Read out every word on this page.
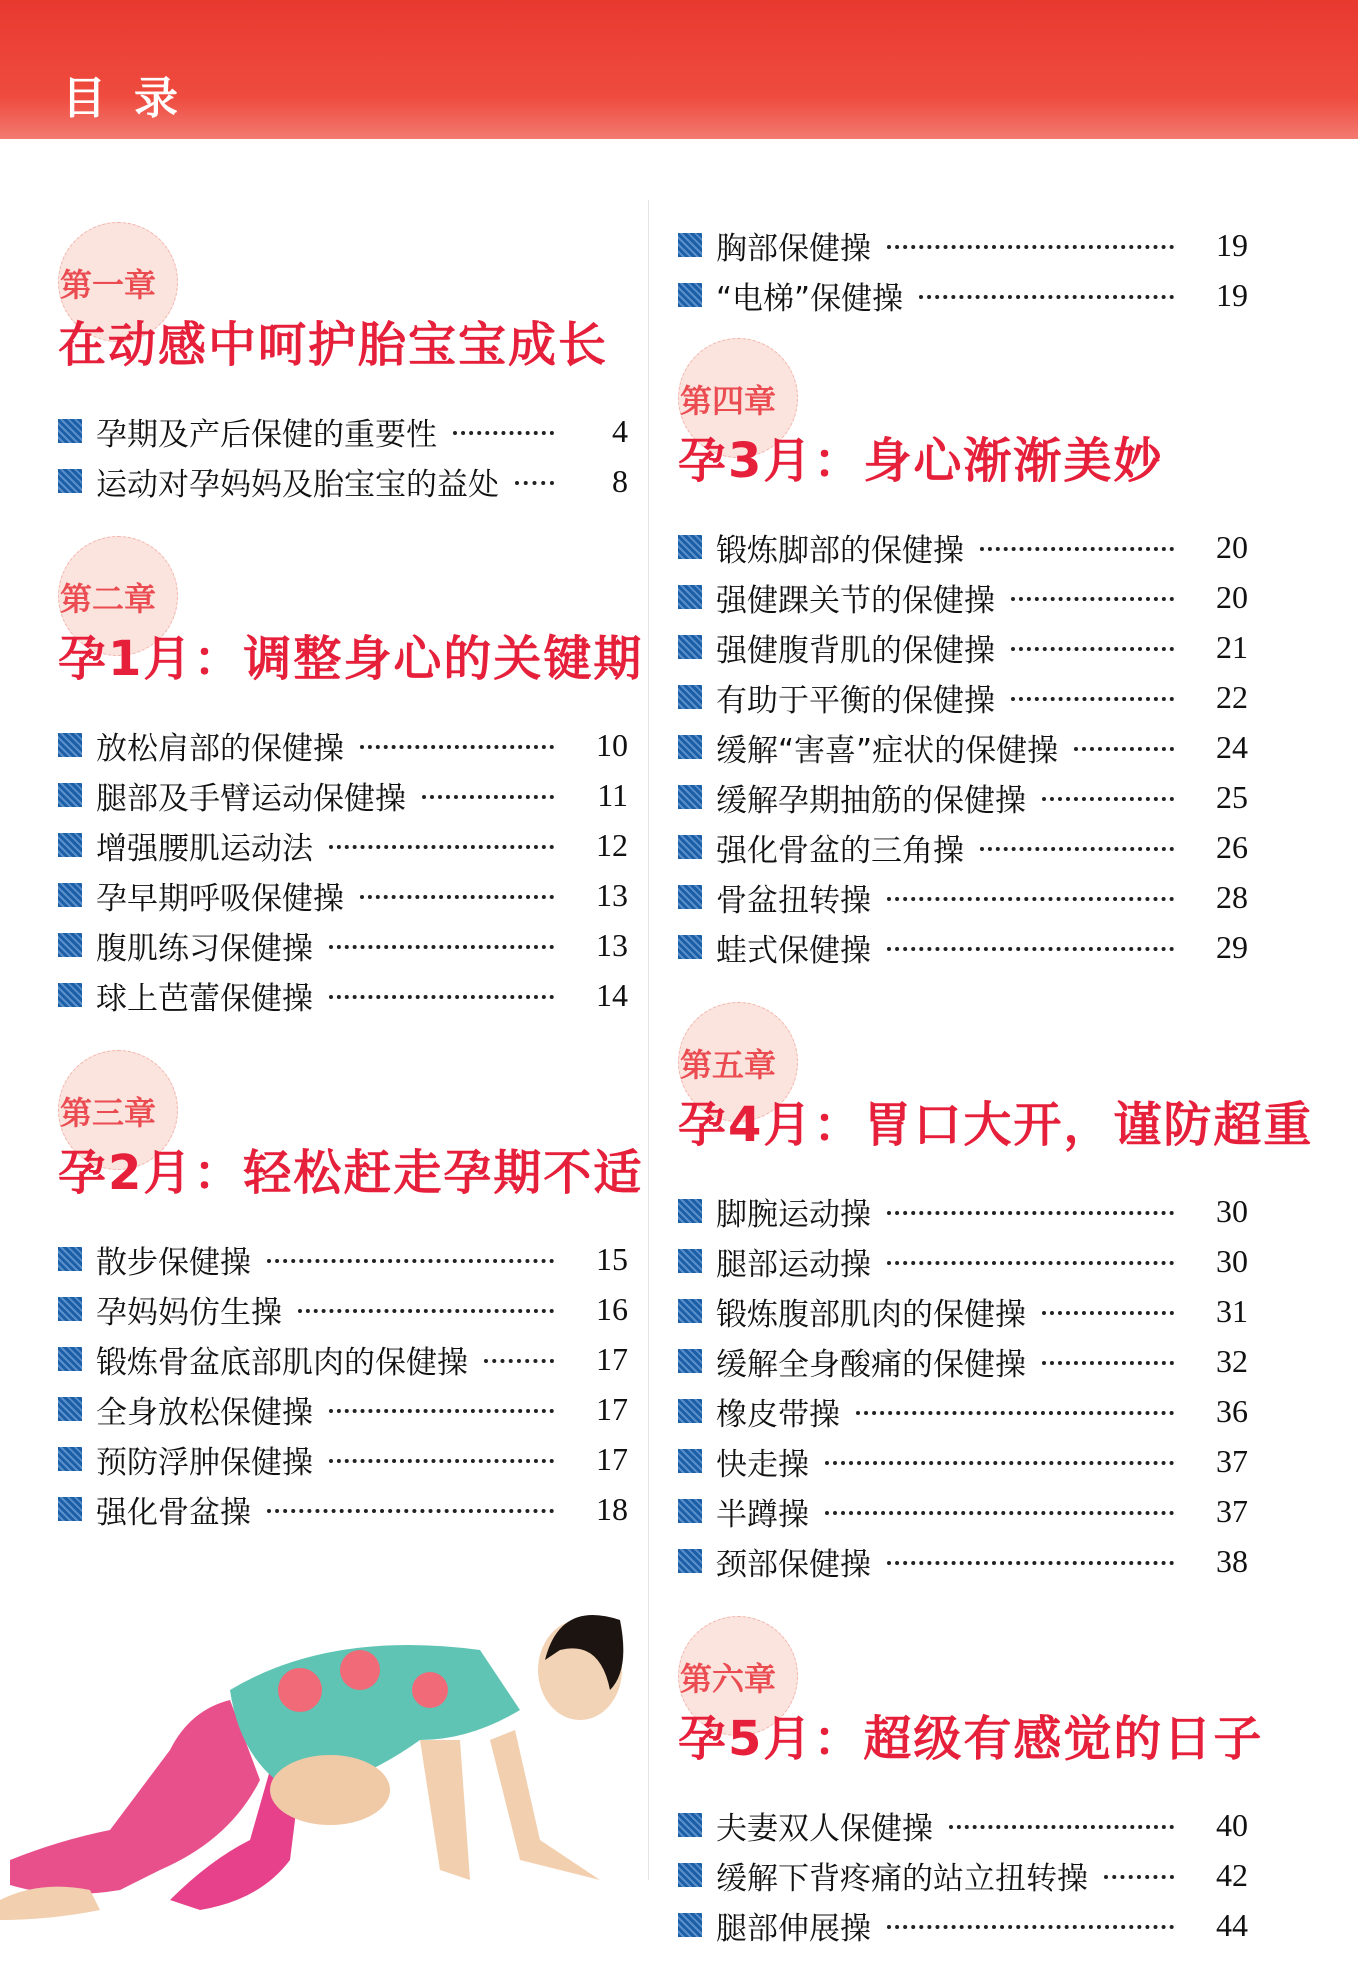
目录
第一章
在动感中呵护胎宝宝成长
孕期及产后保健的重要性	4
运动对孕妈妈及胎宝宝的益处	8
第二章
孕1月：调整身心的关键期
放松肩部的保健操	10
腿部及手臂运动保健操	11
增强腰肌运动法	12
孕早期呼吸保健操	13
腹肌练习保健操	13
球上芭蕾保健操	14
第三章
孕2月：轻松赶走孕期不适
散步保健操	15
孕妈妈仿生操	16
锻炼骨盆底部肌肉的保健操	17
全身放松保健操	17
预防浮肿保健操	17
强化骨盆操	18
胸部保健操	19
“电梯”保健操	19
第四章
孕3月：身心渐渐美妙
锻炼脚部的保健操	20
强健踝关节的保健操	20
强健腹背肌的保健操	21
有助于平衡的保健操	22
缓解“害喜”症状的保健操	24
缓解孕期抽筋的保健操	25
强化骨盆的三角操	26
骨盆扭转操	28
蛙式保健操	29
第五章
孕4月：胃口大开，谨防超重
脚腕运动操	30
腿部运动操	30
锻炼腹部肌肉的保健操	31
缓解全身酸痛的保健操	32
橡皮带操	36
快走操	37
半蹲操	37
颈部保健操	38
第六章
孕5月：超级有感觉的日子
夫妻双人保健操	40
缓解下背疼痛的站立扭转操	42
腿部伸展操	44
